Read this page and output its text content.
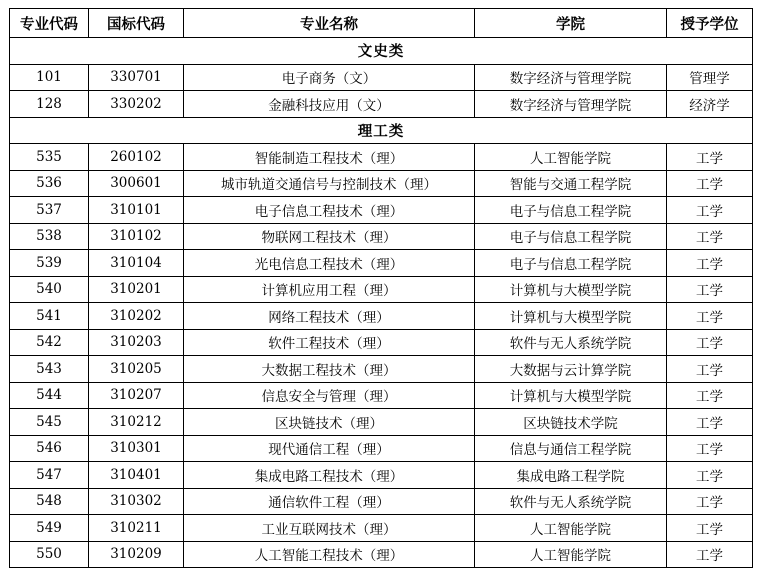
专业代码	国标代码	专业名称	学院	授予学位
文史类				
101	330701	电子商务（文）	数字经济与管理学院	管理学
128	330202	金融科技应用（文）	数字经济与管理学院	经济学
理工类				
535	260102	智能制造工程技术（理）	人工智能学院	工学
536	300601	城市轨道交通信号与控制技术（理）	智能与交通工程学院	工学
537	310101	电子信息工程技术（理）	电子与信息工程学院	工学
538	310102	物联网工程技术（理）	电子与信息工程学院	工学
539	310104	光电信息工程技术（理）	电子与信息工程学院	工学
540	310201	计算机应用工程（理）	计算机与大模型学院	工学
541	310202	网络工程技术（理）	计算机与大模型学院	工学
542	310203	软件工程技术（理）	软件与无人系统学院	工学
543	310205	大数据工程技术（理）	大数据与云计算学院	工学
544	310207	信息安全与管理（理）	计算机与大模型学院	工学
545	310212	区块链技术（理）	区块链技术学院	工学
546	310301	现代通信工程（理）	信息与通信工程学院	工学
547	310401	集成电路工程技术（理）	集成电路工程学院	工学
548	310302	通信软件工程（理）	软件与无人系统学院	工学
549	310211	工业互联网技术（理）	人工智能学院	工学
550	310209	人工智能工程技术（理）	人工智能学院	工学
